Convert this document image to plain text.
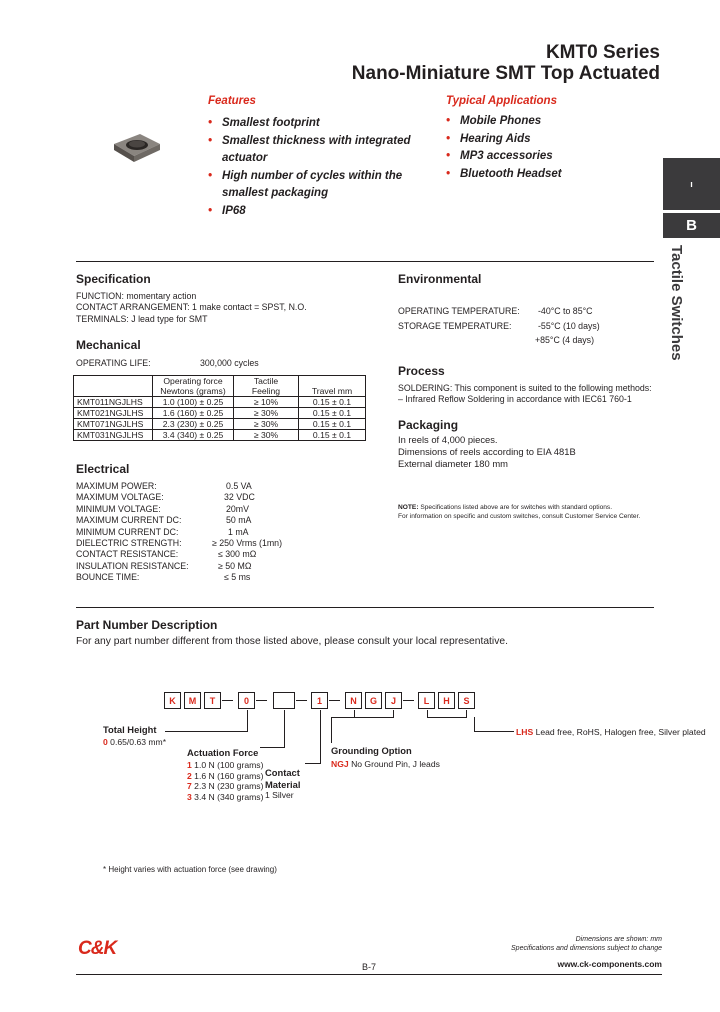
KMT0 Series
Nano-Miniature SMT Top Actuated
Features
• Smallest footprint
• Smallest thickness with integrated
actuator
• High number of cycles within the
smallest packaging
• IP68
Typical Applications
• Mobile Phones
• Hearing Aids
• MP3 accessories
• Bluetooth Headset
ı
B
Tactile Switches
Specification
FUNCTION: momentary action
CONTACT ARRANGEMENT: 1 make contact = SPST, N.O.
TERMINALS: J lead type for SMT
Mechanical
OPERATING LIFE:	300,000 cycles
	Operating force	Tactile	
	Newtons (grams)	Feeling	Travel mm
KMT011NGJLHS	1.0 (100) ± 0.25	≥ 10%	0.15 ± 0.1
KMT021NGJLHS	1.6 (160) ± 0.25	≥ 30%	0.15 ± 0.1
KMT071NGJLHS	2.3 (230) ± 0.25	≥ 30%	0.15 ± 0.1
KMT031NGJLHS	3.4 (340) ± 0.25	≥ 30%	0.15 ± 0.1
Electrical
MAXIMUM POWER:	0.5 VA
MAXIMUM VOLTAGE:	32 VDC
MINIMUM VOLTAGE:	20mV
MAXIMUM CURRENT DC:	50 mA
MINIMUM CURRENT DC:	1 mA
DIELECTRIC STRENGTH:	≥ 250 Vrms (1mn)
CONTACT RESISTANCE:	≤ 300 mΩ
INSULATION RESISTANCE:	≥ 50 MΩ
BOUNCE TIME:	≤ 5 ms
Environmental
OPERATING TEMPERATURE: -40°C to 85°C
STORAGE TEMPERATURE:	-55°C (10 days)
+85°C (4 days)
Process
SOLDERING: This component is suited to the following methods:
– Infrared Reflow Soldering in accordance with IEC61 760-1
Packaging
In reels of 4,000 pieces.
Dimensions of reels according to EIA 481B
External diameter 180 mm
NOTE: Specifications listed above are for switches with standard options.
For information on specific and custom switches, consult Customer Service Center.
Part Number Description
For any part number different from those listed above, please consult your local representative.
K	M	T	0	1	N	G	J	L	H	S
Total Height
0 0.65/0.63 mm*
Actuation Force
1 1.0 N (100 grams)
2 1.6 N (160 grams)
7 2.3 N (230 grams)
3 3.4 N (340 grams)
Contact
Material
1 Silver
Grounding Option
NGJ No Ground Pin, J leads
LHS Lead free, RoHS, Halogen free, Silver plated
* Height varies with actuation force (see drawing)
C&K
B-7
Dimensions are shown: mm
Specifications and dimensions subject to change
www.ck-components.com
